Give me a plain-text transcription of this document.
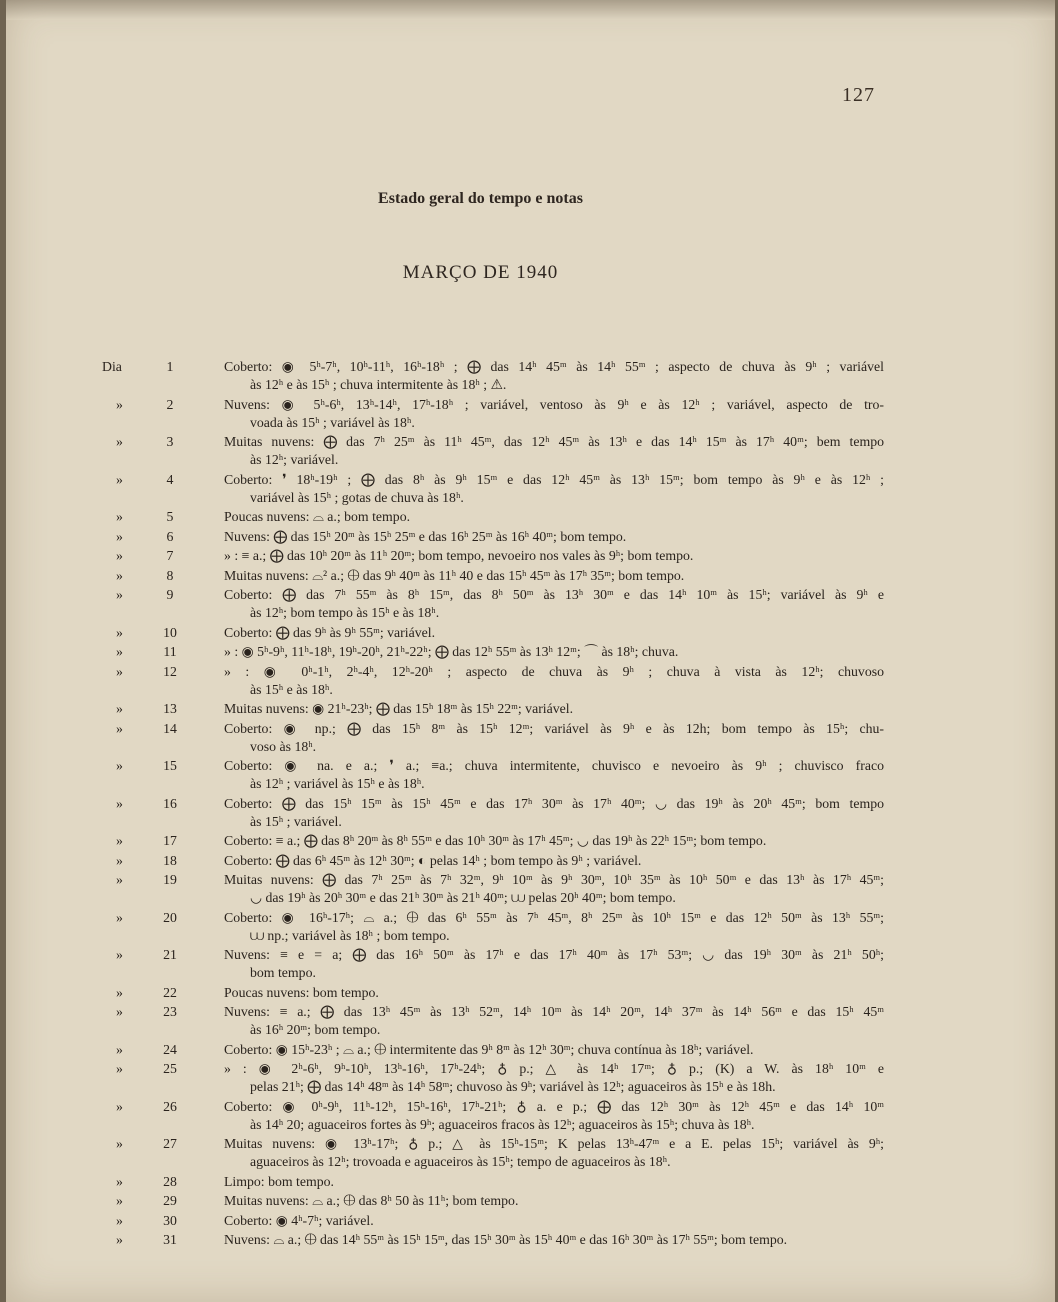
127
Estado geral do tempo e notas
MARÇO DE 1940
Dia	1	Coberto: ◉ 5ʰ-7ʰ, 10ʰ-11ʰ, 16ʰ-18ʰ ; ⨁ das 14ʰ 45ᵐ às 14ʰ 55ᵐ ; aspecto de chuva às 9ʰ ; variável
às 12ʰ e às 15ʰ ; chuva intermitente às 18ʰ ; ⚠.
»	2	Nuvens: ◉ 5ʰ-6ʰ, 13ʰ-14ʰ, 17ʰ-18ʰ ; variável, ventoso às 9ʰ e às 12ʰ ; variável, aspecto de tro-
voada às 15ʰ ; variável às 18ʰ.
»	3	Muitas nuvens: ⨁ das 7ʰ 25ᵐ às 11ʰ 45ᵐ, das 12ʰ 45ᵐ às 13ʰ e das 14ʰ 15ᵐ às 17ʰ 40ᵐ; bem tempo
às 12ʰ; variável.
»	4	Coberto: ❜ 18ʰ-19ʰ ; ⨁ das 8ʰ às 9ʰ 15ᵐ e das 12ʰ 45ᵐ às 13ʰ 15ᵐ; bom tempo às 9ʰ e às 12ʰ ;
variável às 15ʰ ; gotas de chuva às 18ʰ.
»	5	Poucas nuvens: ⌓ a.; bom tempo.
»	6	Nuvens: ⨁ das 15ʰ 20ᵐ às 15ʰ 25ᵐ e das 16ʰ 25ᵐ às 16ʰ 40ᵐ; bom tempo.
»	7	» : ≡ a.; ⨁ das 10ʰ 20ᵐ às 11ʰ 20ᵐ; bom tempo, nevoeiro nos vales às 9ʰ; bom tempo.
»	8	Muitas nuvens: ⌓² a.; ⨁ das 9ʰ 40ᵐ às 11ʰ 40 e das 15ʰ 45ᵐ às 17ʰ 35ᵐ; bom tempo.
»	9	Coberto: ⨁ das 7ʰ 55ᵐ às 8ʰ 15ᵐ, das 8ʰ 50ᵐ às 13ʰ 30ᵐ e das 14ʰ 10ᵐ às 15ʰ; variável às 9ʰ e
às 12ʰ; bom tempo às 15ʰ e às 18ʰ.
»	10	Coberto: ⨁ das 9ʰ às 9ʰ 55ᵐ; variável.
»	11	» : ◉ 5ʰ-9ʰ, 11ʰ-18ʰ, 19ʰ-20ʰ, 21ʰ-22ʰ; ⨁ das 12ʰ 55ᵐ às 13ʰ 12ᵐ; ⌒ às 18ʰ; chuva.
»	12	» : ◉ 0ʰ-1ʰ, 2ʰ-4ʰ, 12ʰ-20ʰ ; aspecto de chuva às 9ʰ ; chuva à vista às 12ʰ; chuvoso
às 15ʰ e às 18ʰ.
»	13	Muitas nuvens: ◉ 21ʰ-23ʰ; ⨁ das 15ʰ 18ᵐ às 15ʰ 22ᵐ; variável.
»	14	Coberto: ◉ np.; ⨁ das 15ʰ 8ᵐ às 15ʰ 12ᵐ; variável às 9ʰ e às 12h; bom tempo às 15ʰ; chu-
voso às 18ʰ.
»	15	Coberto: ◉ na. e a.; ❜ a.; ≡a.; chuva intermitente, chuvisco e nevoeiro às 9ʰ ; chuvisco fraco
às 12ʰ ; variável às 15ʰ e às 18ʰ.
»	16	Coberto: ⨁ das 15ʰ 15ᵐ às 15ʰ 45ᵐ e das 17ʰ 30ᵐ às 17ʰ 40ᵐ; ◡ das 19ʰ às 20ʰ 45ᵐ; bom tempo
às 15ʰ ; variável.
»	17	Coberto: ≡ a.; ⨁ das 8ʰ 20ᵐ às 8ʰ 55ᵐ e das 10ʰ 30ᵐ às 17ʰ 45ᵐ; ◡ das 19ʰ às 22ʰ 15ᵐ; bom tempo.
»	18	Coberto: ⨁ das 6ʰ 45ᵐ às 12ʰ 30ᵐ; ◐ pelas 14ʰ ; bom tempo às 9ʰ ; variável.
»	19	Muitas nuvens: ⨁ das 7ʰ 25ᵐ às 7ʰ 32ᵐ, 9ʰ 10ᵐ às 9ʰ 30ᵐ, 10ʰ 35ᵐ às 10ʰ 50ᵐ e das 13ʰ às 17ʰ 45ᵐ;
◡ das 19ʰ às 20ʰ 30ᵐ e das 21ʰ 30ᵐ às 21ʰ 40ᵐ; ⩊ pelas 20ʰ 40ᵐ; bom tempo.
»	20	Coberto: ◉ 16ʰ-17ʰ; ⌓ a.; ⨁ das 6ʰ 55ᵐ às 7ʰ 45ᵐ, 8ʰ 25ᵐ às 10ʰ 15ᵐ e das 12ʰ 50ᵐ às 13ʰ 55ᵐ;
⩊ np.; variável às 18ʰ ; bom tempo.
»	21	Nuvens: ≡ e = a; ⨁ das 16ʰ 50ᵐ às 17ʰ e das 17ʰ 40ᵐ às 17ʰ 53ᵐ; ◡ das 19ʰ 30ᵐ às 21ʰ 50ʰ;
bom tempo.
»	22	Poucas nuvens: bom tempo.
»	23	Nuvens: ≡ a.; ⨁ das 13ʰ 45ᵐ às 13ʰ 52ᵐ, 14ʰ 10ᵐ às 14ʰ 20ᵐ, 14ʰ 37ᵐ às 14ʰ 56ᵐ e das 15ʰ 45ᵐ
às 16ʰ 20ᵐ; bom tempo.
»	24	Coberto: ◉ 15ʰ-23ʰ ; ⌓ a.; ⨁ intermitente das 9ʰ 8ᵐ às 12ʰ 30ᵐ; chuva contínua às 18ʰ; variável.
»	25	» : ◉ 2ʰ-6ʰ, 9ʰ-10ʰ, 13ʰ-16ʰ, 17ʰ-24ʰ; ♁ p.; △ às 14ʰ 17ᵐ; ♁ p.; (K) a W. às 18ʰ 10ᵐ e
pelas 21ʰ; ⨁ das 14ʰ 48ᵐ às 14ʰ 58ᵐ; chuvoso às 9ʰ; variável às 12ʰ; aguaceiros às 15ʰ e às 18h.
»	26	Coberto: ◉ 0ʰ-9ʰ, 11ʰ-12ʰ, 15ʰ-16ʰ, 17ʰ-21ʰ; ♁ a. e p.; ⨁ das 12ʰ 30ᵐ às 12ʰ 45ᵐ e das 14ʰ 10ᵐ
às 14ʰ 20; aguaceiros fortes às 9ʰ; aguaceiros fracos às 12ʰ; aguaceiros às 15ʰ; chuva às 18ʰ.
»	27	Muitas nuvens: ◉ 13ʰ-17ʰ; ♁ p.; △ às 15ʰ-15ᵐ; K pelas 13ʰ-47ᵐ e a E. pelas 15ʰ; variável às 9ʰ;
aguaceiros às 12ʰ; trovoada e aguaceiros às 15ʰ; tempo de aguaceiros às 18ʰ.
»	28	Limpo: bom tempo.
»	29	Muitas nuvens: ⌓ a.; ⨁ das 8ʰ 50 às 11ʰ; bom tempo.
»	30	Coberto: ◉ 4ʰ-7ʰ; variável.
»	31	Nuvens: ⌓ a.; ⨁ das 14ʰ 55ᵐ às 15ʰ 15ᵐ, das 15ʰ 30ᵐ às 15ʰ 40ᵐ e das 16ʰ 30ᵐ às 17ʰ 55ᵐ; bom tempo.
